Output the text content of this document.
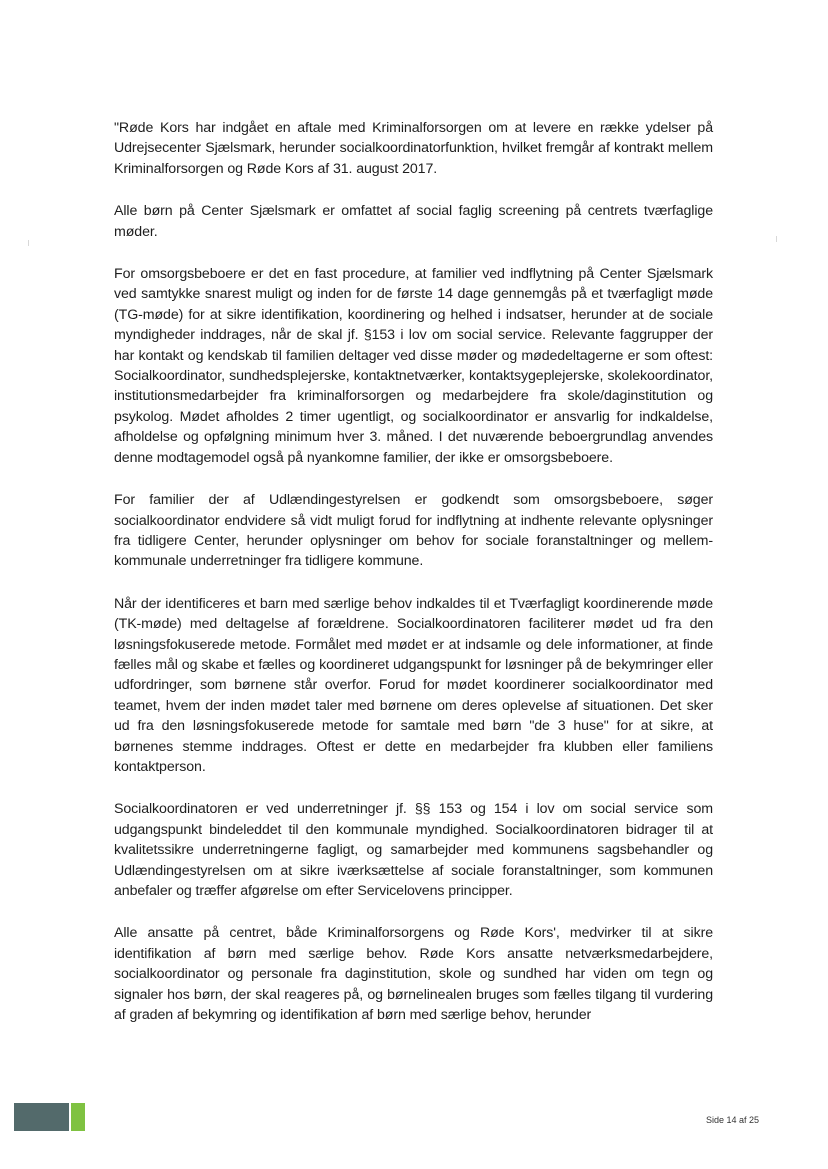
"Røde Kors har indgået en aftale med Kriminalforsorgen om at levere en række ydelser på Udrejsecenter Sjælsmark, herunder socialkoordinatorfunktion, hvilket fremgår af kontrakt mellem Kriminalforsorgen og Røde Kors af 31. august 2017.

Alle børn på Center Sjælsmark er omfattet af social faglig screening på centrets tværfaglige møder.

For omsorgsbeboere er det en fast procedure, at familier ved indflytning på Center Sjælsmark ved samtykke snarest muligt og inden for de første 14 dage gennemgås på et tværfagligt møde (TG-møde) for at sikre identifikation, koordinering og helhed i indsatser, herunder at de sociale myndigheder inddrages, når de skal jf. §153 i lov om social service. Relevante faggrupper der har kontakt og kendskab til familien deltager ved disse møder og mødedeltagerne er som oftest: Socialkoordinator, sundhedsplejerske, kontaktnetværker, kontaktsygeplejerske, skolekoordinator, institutionsmedarbejder fra kriminalforsorgen og medarbejdere fra skole/daginstitution og psykolog. Mødet afholdes 2 timer ugentligt, og socialkoordinator er ansvarlig for indkaldelse, afholdelse og opfølgning minimum hver 3. måned. I det nuværende beboergrundlag anvendes denne modtagemodel også på nyankomne familier, der ikke er omsorgsbeboere.

For familier der af Udlændingestyrelsen er godkendt som omsorgsbeboere, søger socialkoordinator endvidere så vidt muligt forud for indflytning at indhente relevante oplysninger fra tidligere Center, herunder oplysninger om behov for sociale foranstaltninger og mellem-kommunale underretninger fra tidligere kommune.

Når der identificeres et barn med særlige behov indkaldes til et Tværfagligt koordinerende møde (TK-møde) med deltagelse af forældrene. Socialkoordinatoren faciliterer mødet ud fra den løsningsfokuserede metode. Formålet med mødet er at indsamle og dele informationer, at finde fælles mål og skabe et fælles og koordineret udgangspunkt for løsninger på de bekymringer eller udfordringer, som børnene står overfor. Forud for mødet koordinerer socialkoordinator med teamet, hvem der inden mødet taler med børnene om deres oplevelse af situationen. Det sker ud fra den løsningsfokuserede metode for samtale med børn "de 3 huse" for at sikre, at børnenes stemme inddrages. Oftest er dette en medarbejder fra klubben eller familiens kontaktperson.

Socialkoordinatoren er ved underretninger jf. §§ 153 og 154 i lov om social service som udgangspunkt bindeleddet til den kommunale myndighed. Socialkoordinatoren bidrager til at kvalitetssikre underretningerne fagligt, og samarbejder med kommunens sagsbehandler og Udlændingestyrelsen om at sikre iværksættelse af sociale foranstaltninger, som kommunen anbefaler og træffer afgørelse om efter Servicelovens principper.

Alle ansatte på centret, både Kriminalforsorgens og Røde Kors', medvirker til at sikre identifikation af børn med særlige behov. Røde Kors ansatte netværksmedarbejdere, socialkoordinator og personale fra daginstitution, skole og sundhed har viden om tegn og signaler hos børn, der skal reageres på, og børnelinealen bruges som fælles tilgang til vurdering af graden af bekymring og identifikation af børn med særlige behov, herunder

Side 14 af 25
